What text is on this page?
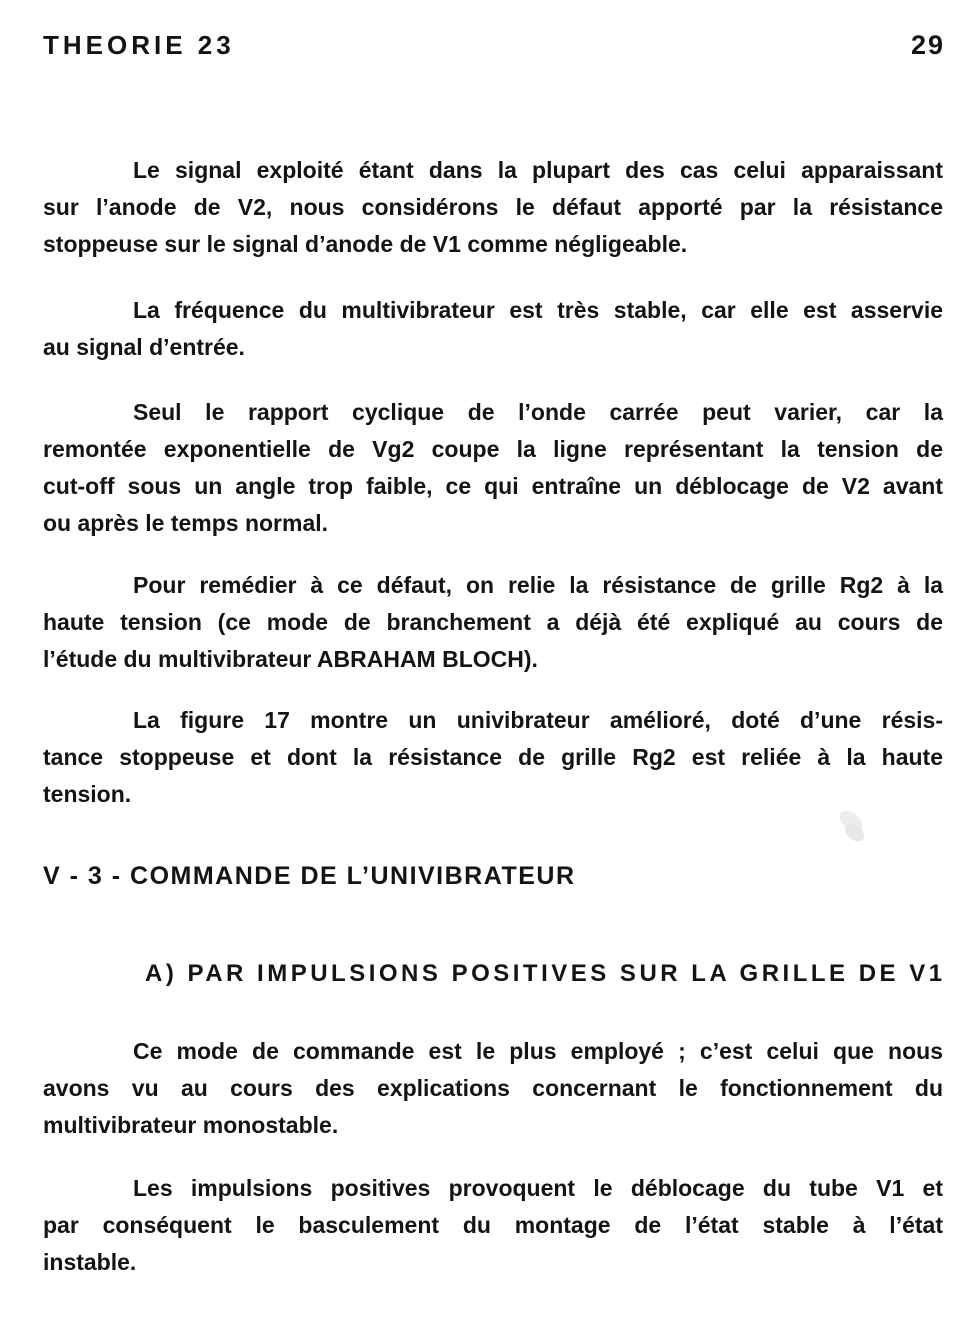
THEORIE 23	29
Le signal exploité étant dans la plupart des cas celui apparaissant
sur l’anode de V2, nous considérons le défaut apporté par la résistance
stoppeuse sur le signal d’anode de V1 comme négligeable.
La fréquence du multivibrateur est très stable, car elle est asservie
au signal d’entrée.
Seul le rapport cyclique de l’onde carrée peut varier, car la
remontée exponentielle de Vg2 coupe la ligne représentant la tension de
cut-off sous un angle trop faible, ce qui entraîne un déblocage de V2 avant
ou après le temps normal.
Pour remédier à ce défaut, on relie la résistance de grille Rg2 à la
haute tension (ce mode de branchement a déjà été expliqué au cours de
l’étude du multivibrateur ABRAHAM BLOCH).
La figure 17 montre un univibrateur amélioré, doté d’une résis-
tance stoppeuse et dont la résistance de grille Rg2 est reliée à la haute
tension.
V - 3 - COMMANDE DE L’UNIVIBRATEUR
A) PAR IMPULSIONS POSITIVES SUR LA GRILLE DE V1
Ce mode de commande est le plus employé ; c’est celui que nous
avons vu au cours des explications concernant le fonctionnement du
multivibrateur monostable.
Les impulsions positives provoquent le déblocage du tube V1 et
par conséquent le basculement du montage de l’état stable à l’état
instable.
